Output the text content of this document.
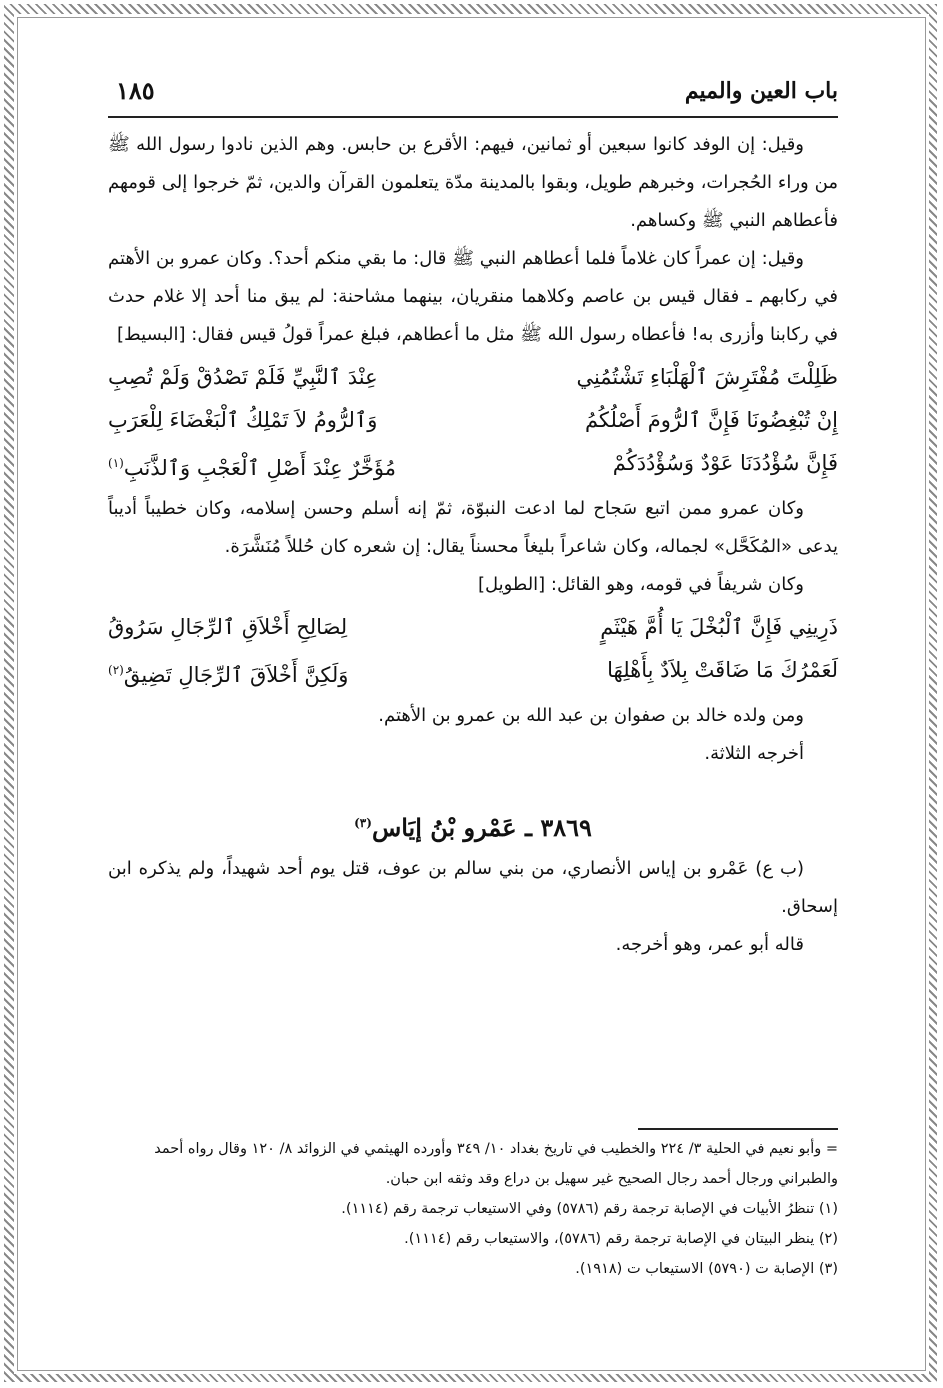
باب العين والميم
١٨٥

وقيل: إن الوفد كانوا سبعين أو ثمانين، فيهم: الأقرع بن حابس. وهم الذين نادوا رسول الله ﷺ من وراء الحُجرات، وخبرهم طويل، وبقوا بالمدينة مدّة يتعلمون القرآن والدين، ثمّ خرجوا إلى قومهم فأعطاهم النبي ﷺ وكساهم.

وقيل: إن عمراً كان غلاماً فلما أعطاهم النبي ﷺ قال: ما بقي منكم أحد؟. وكان عمرو بن الأهتم في ركابهم ـ فقال قيس بن عاصم وكلاهما منقريان، بينهما مشاحنة: لم يبق منا أحد إلا غلام حدث في ركابنا وأزرى به! فأعطاه رسول الله ﷺ مثل ما أعطاهم، فبلغ عمراً قولُ قيس فقال: [البسيط]

ظَلِلْتَ مُفْتَرِشَ ٱلْهَلْبَاءِ تَشْتُمُنِي
عِنْدَ ٱلنَّبِيِّ فَلَمْ تَصْدُقْ وَلَمْ تُصِبِ
إِنْ تُبْغِضُونَا فَإِنَّ ٱلرُّومَ أَصْلُكُمُ
وَٱلرُّومُ لاَ تَمْلِكُ ٱلْبَغْضَاءَ لِلْعَرَبِ
فَإِنَّ سُؤْدُدَنَا عَوْدٌ وَسُؤْدُدَكُمْ
مُؤَخَّرٌ عِنْدَ أَصْلِ ٱلْعَجْبِ وَٱلذَّنَبِ$^{(١)}$

وكان عمرو ممن اتبع سَجاح لما ادعت النبوّة، ثمّ إنه أسلم وحسن إسلامه، وكان خطيباً أديباً يدعى «المُكَحَّل» لجماله، وكان شاعراً بليغاً محسناً يقال: إن شعره كان حُللاً مُنَشَّرَة.

وكان شريفاً في قومه، وهو القائل: [الطويل]

ذَرِينِي فَإِنَّ ٱلْبُخْلَ يَا أُمَّ هَيْثَمٍ
لِصَالِحِ أَخْلاَقِ ٱلرِّجَالِ سَرُوقُ
لَعَمْرُكَ مَا ضَاقَتْ بِلاَدٌ بِأَهْلِهَا
وَلَكِنَّ أَخْلاَقَ ٱلرِّجَالِ تَضِيقُ$^{(٢)}$

ومن ولده خالد بن صفوان بن عبد الله بن عمرو بن الأهتم.

أخرجه الثلاثة.

٣٨٦٩ ـ عَمْرو بْنُ إيَاس$^{(٣)}$

(ب ع) عَمْرو بن إياس الأنصاري، من بني سالم بن عوف، قتل يوم أحد شهيداً، ولم يذكره ابن إسحاق.

قاله أبو عمر، وهو أخرجه.

= وأبو نعيم في الحلية ٣/ ٢٢٤ والخطيب في تاريخ بغداد ١٠/ ٣٤٩ وأورده الهيثمي في الزوائد ٨/ ١٢٠ وقال رواه أحمد والطبراني ورجال أحمد رجال الصحيح غير سهيل بن دراع وقد وثقه ابن حبان.

(١) تنظرُ الأبيات في الإصابة ترجمة رقم (٥٧٨٦) وفي الاستيعاب ترجمة رقم (١١١٤).

(٢) ينظر البيتان في الإصابة ترجمة رقم (٥٧٨٦)، والاستيعاب رقم (١١١٤).

(٣) الإصابة ت (٥٧٩٠) الاستيعاب ت (١٩١٨).
